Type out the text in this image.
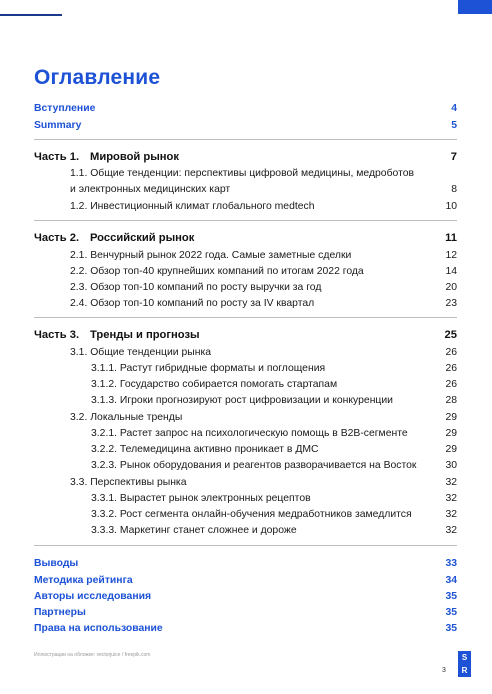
Оглавление
Вступление	4
Summary	5
Часть 1. Мировой рынок	7
1.1. Общие тенденции: перспективы цифровой медицины, медроботов
и электронных медицинских карт	8
1.2. Инвестиционный климат глобального medtech	10
Часть 2. Российский рынок	11
2.1. Венчурный рынок 2022 года. Самые заметные сделки	12
2.2. Обзор топ-40 крупнейших компаний по итогам 2022 года	14
2.3. Обзор топ-10 компаний по росту выручки за год	20
2.4. Обзор топ-10 компаний по росту за IV квартал	23
Часть 3. Тренды и прогнозы	25
3.1. Общие тенденции рынка	26
3.1.1. Растут гибридные форматы и поглощения	26
3.1.2. Государство собирается помогать стартапам	26
3.1.3. Игроки прогнозируют рост цифровизации и конкуренции	28
3.2. Локальные тренды	29
3.2.1. Растет запрос на психологическую помощь в B2B-сегменте	29
3.2.2. Телемедицина активно проникает в ДМС	29
3.2.3. Рынок оборудования и реагентов разворачивается на Восток	30
3.3. Перспективы рынка	32
3.3.1. Вырастет рынок электронных рецептов	32
3.3.2. Рост сегмента онлайн-обучения медработников замедлится	32
3.3.3. Маркетинг станет сложнее и дороже	32
Выводы	33
Методика рейтинга	34
Авторы исследования	35
Партнеры	35
Права на использование	35
Иллюстрации на обложке: vectorjuice / freepik.com
3
S
R
